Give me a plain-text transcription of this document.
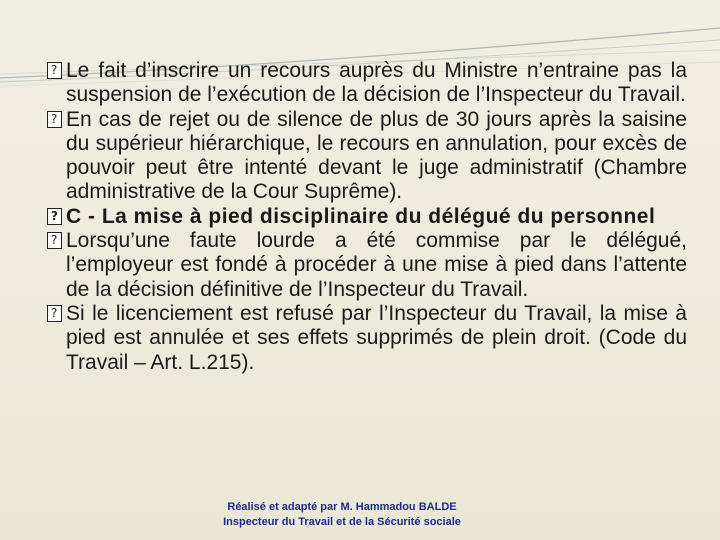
?
Le fait d’inscrire un recours auprès du Ministre n’entraine pas la suspension de l’exécution de la décision de l’Inspecteur du Travail.
?
En cas de rejet ou de silence de plus de 30 jours après la saisine du supérieur hiérarchique, le recours en annulation, pour excès de pouvoir peut être intenté devant le juge administratif (Chambre administrative de la Cour Suprême).
?
C - La mise à pied disciplinaire du délégué du personnel
?
Lorsqu’une faute lourde a été commise par le délégué, l’employeur est fondé à procéder à une mise à pied dans l’attente de la décision définitive de l’Inspecteur du Travail.
?
Si le licenciement est refusé par l’Inspecteur du Travail, la mise à pied est annulée et ses effets supprimés de plein droit. (Code du Travail – Art. L.215).
Réalisé et adapté par M. Hammadou BALDE
Inspecteur du Travail et de la Sécurité sociale
